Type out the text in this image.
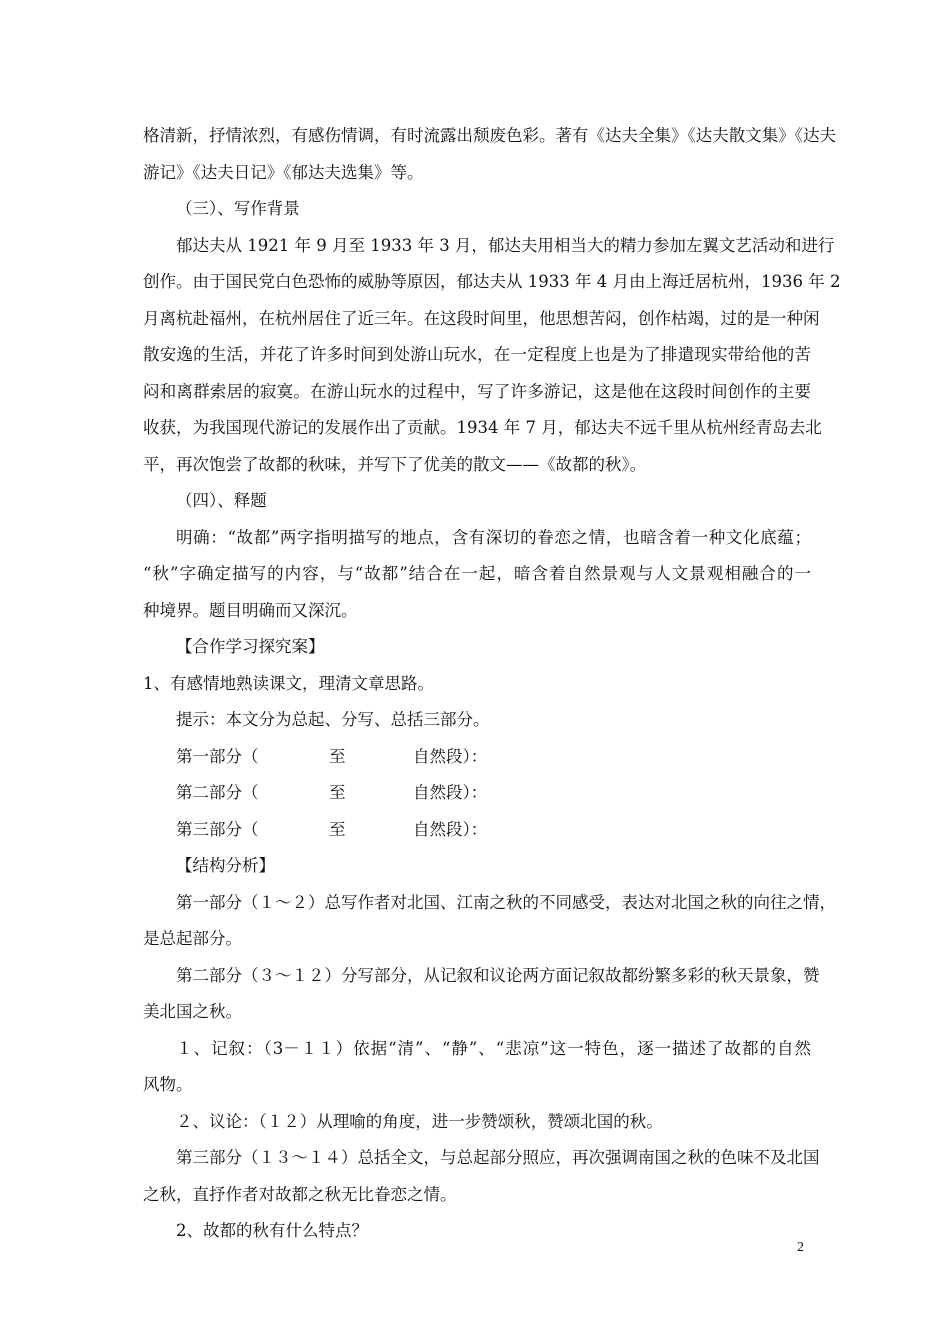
格清新，抒情浓烈，有感伤情调，有时流露出颓废色彩。著有《达夫全集》《达夫散文集》《达夫
游记》《达夫日记》《郁达夫选集》等。
（三）、写作背景
郁达夫从 1921 年 9 月至 1933 年 3 月，郁达夫用相当大的精力参加左翼文艺活动和进行
创作。由于国民党白色恐怖的威胁等原因，郁达夫从 1933 年 4 月由上海迁居杭州，1936 年 2
月离杭赴福州，在杭州居住了近三年。在这段时间里，他思想苦闷，创作枯竭，过的是一种闲
散安逸的生活，并花了许多时间到处游山玩水，在一定程度上也是为了排遣现实带给他的苦
闷和离群索居的寂寞。在游山玩水的过程中，写了许多游记，这是他在这段时间创作的主要
收获，为我国现代游记的发展作出了贡献。1934 年 7 月，郁达夫不远千里从杭州经青岛去北
平，再次饱尝了故都的秋味，并写下了优美的散文——《故都的秋》。
（四）、释题
明确：“故都”两字指明描写的地点，含有深切的眷恋之情，也暗含着一种文化底蕴；
“秋”字确定描写的内容，与“故都”结合在一起，暗含着自然景观与人文景观相融合的一
种境界。题目明确而又深沉。
【合作学习探究案】
1、有感情地熟读课文，理清文章思路。
提示：本文分为总起、分写、总括三部分。
第一部分（	至	自然段）：
第二部分（	至	自然段）：
第三部分（	至	自然段）：
【结构分析】
第一部分（１～２）总写作者对北国、江南之秋的不同感受，表达对北国之秋的向往之情，
是总起部分。
第二部分（３～１２）分写部分，从记叙和议论两方面记叙故都纷繁多彩的秋天景象，赞
美北国之秋。
１、记叙：（3－１１）依据“清”、“静”、“悲凉”这一特色，逐一描述了故都的自然
风物。
２、议论：（１２）从理喻的角度，进一步赞颂秋，赞颂北国的秋。
第三部分（１３～１４）总括全文，与总起部分照应，再次强调南国之秋的色味不及北国
之秋，直抒作者对故都之秋无比眷恋之情。
2、故都的秋有什么特点？
2
